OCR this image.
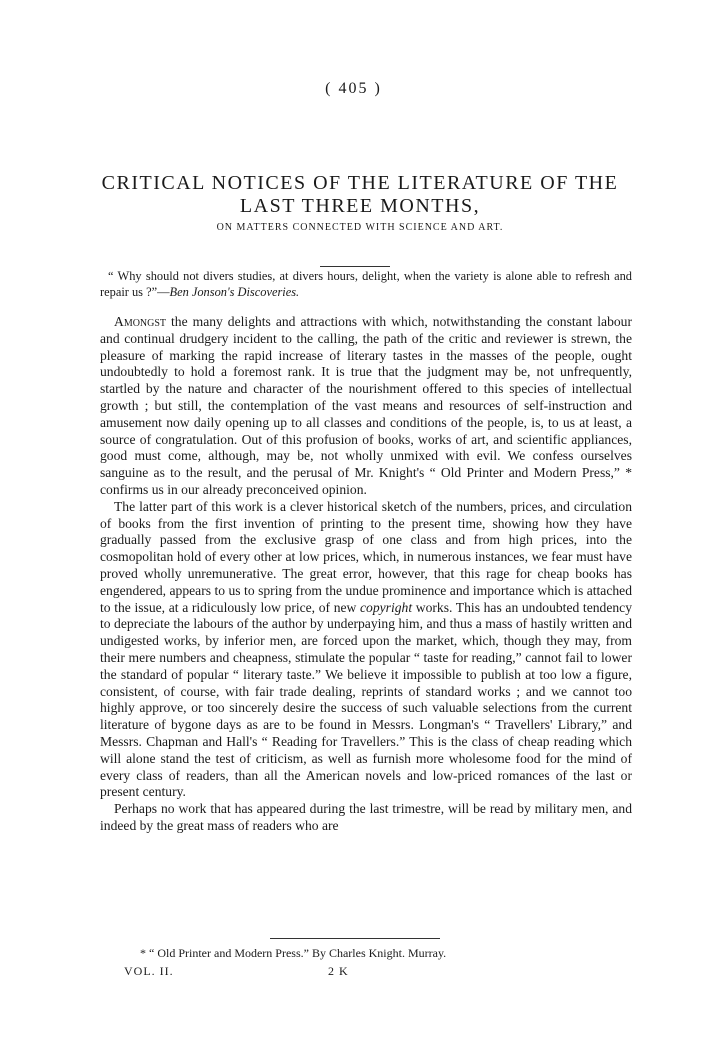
( 405 )
CRITICAL NOTICES OF THE LITERATURE OF THE LAST THREE MONTHS,
ON MATTERS CONNECTED WITH SCIENCE AND ART.
“ Why should not divers studies, at divers hours, delight, when the variety is alone able to refresh and repair us ?”—Ben Jonson's Discoveries.

Amongst the many delights and attractions with which, notwithstanding the constant labour and continual drudgery incident to the calling, the path of the critic and reviewer is strewn, the pleasure of marking the rapid increase of literary tastes in the masses of the people, ought undoubtedly to hold a foremost rank. It is true that the judgment may be, not unfrequently, startled by the nature and character of the nourishment offered to this species of intellectual growth ; but still, the contemplation of the vast means and resources of self-instruction and amusement now daily opening up to all classes and conditions of the people, is, to us at least, a source of congratulation. Out of this profusion of books, works of art, and scientific appliances, good must come, although, may be, not wholly unmixed with evil. We confess ourselves sanguine as to the result, and the perusal of Mr. Knight's “ Old Printer and Modern Press,” * confirms us in our already preconceived opinion.

The latter part of this work is a clever historical sketch of the numbers, prices, and circulation of books from the first invention of printing to the present time, showing how they have gradually passed from the exclusive grasp of one class and from high prices, into the cosmopolitan hold of every other at low prices, which, in numerous instances, we fear must have proved wholly unremunerative. The great error, however, that this rage for cheap books has engendered, appears to us to spring from the undue prominence and importance which is attached to the issue, at a ridiculously low price, of new copyright works. This has an undoubted tendency to depreciate the labours of the author by underpaying him, and thus a mass of hastily written and undigested works, by inferior men, are forced upon the market, which, though they may, from their mere numbers and cheapness, stimulate the popular “ taste for reading,” cannot fail to lower the standard of popular “ literary taste.” We believe it impossible to publish at too low a figure, consistent, of course, with fair trade dealing, reprints of standard works ; and we cannot too highly approve, or too sincerely desire the success of such valuable selections from the current literature of bygone days as are to be found in Messrs. Longman's “ Travellers' Library,” and Messrs. Chapman and Hall's “ Reading for Travellers.” This is the class of cheap reading which will alone stand the test of criticism, as well as furnish more wholesome food for the mind of every class of readers, than all the American novels and low-priced romances of the last or present century.

Perhaps no work that has appeared during the last trimestre, will be read by military men, and indeed by the great mass of readers who are

* “ Old Printer and Modern Press.” By Charles Knight. Murray.
VOL. II.	2 K
